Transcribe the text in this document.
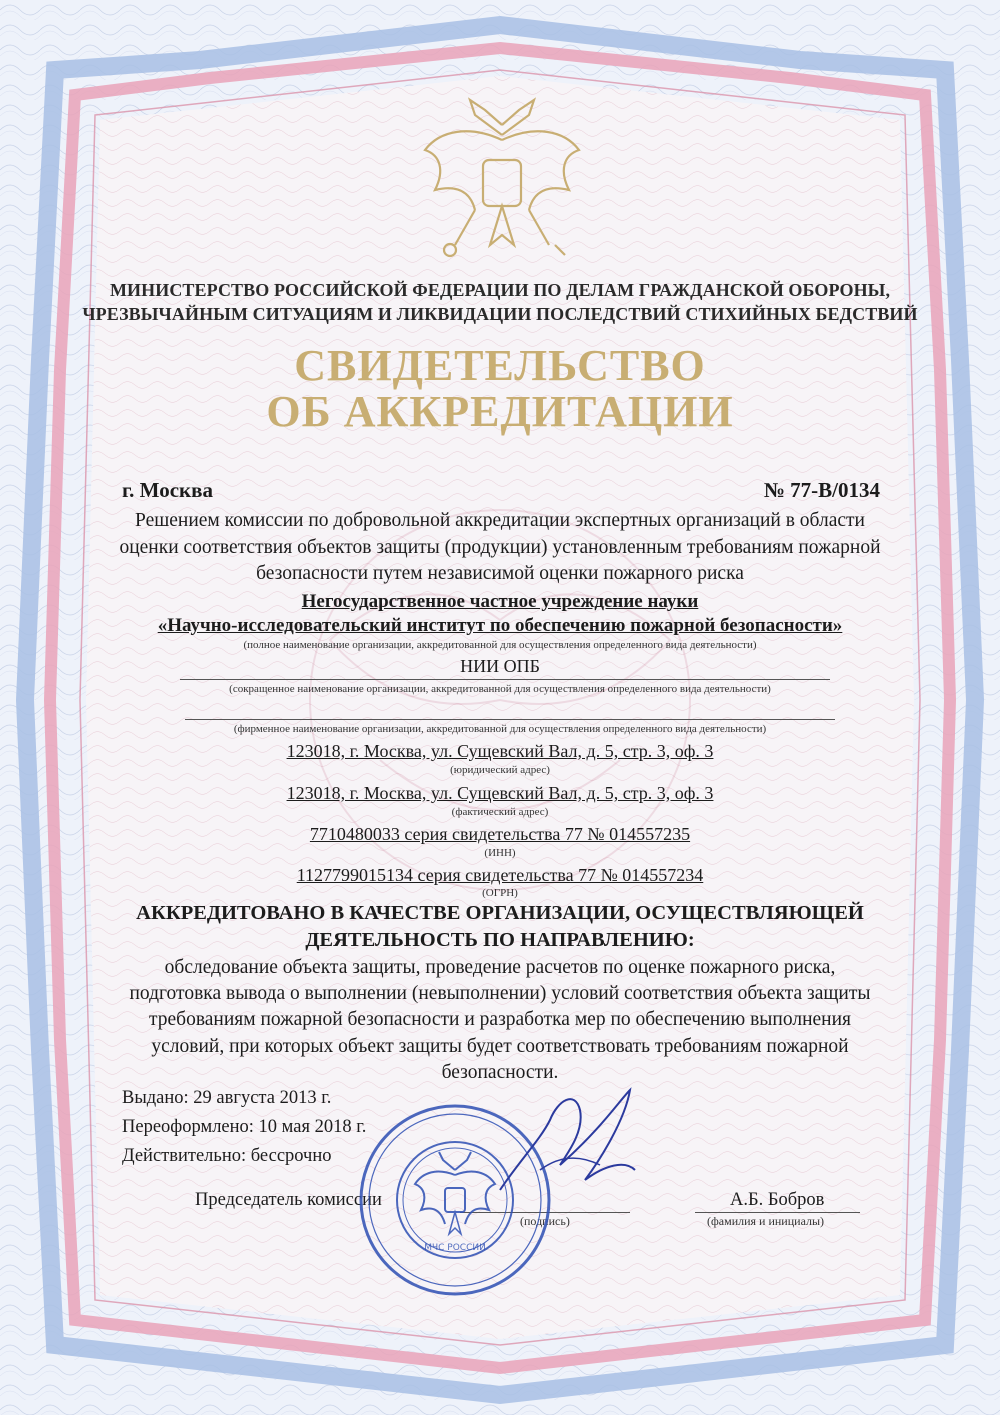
МИНИСТЕРСТВО РОССИЙСКОЙ ФЕДЕРАЦИИ ПО ДЕЛАМ ГРАЖДАНСКОЙ ОБОРОНЫ,
ЧРЕЗВЫЧАЙНЫМ СИТУАЦИЯМ И ЛИКВИДАЦИИ ПОСЛЕДСТВИЙ СТИХИЙНЫХ БЕДСТВИЙ
СВИДЕТЕЛЬСТВО
ОБ АККРЕДИТАЦИИ
г. Москва	№ 77-В/0134
Решением комиссии по добровольной аккредитации экспертных организаций в области
оценки соответствия объектов защиты (продукции) установленным требованиям пожарной
безопасности путем независимой оценки пожарного риска
Негосударственное частное учреждение науки
«Научно-исследовательский институт по обеспечению пожарной безопасности»
(полное наименование организации, аккредитованной для осуществления определенного вида деятельности)
НИИ ОПБ
(сокращенное наименование организации, аккредитованной для осуществления определенного вида деятельности)
(фирменное наименование организации, аккредитованной для осуществления определенного вида деятельности)
123018, г. Москва, ул. Сущевский Вал, д. 5, стр. 3, оф. 3
(юридический адрес)
123018, г. Москва, ул. Сущевский Вал, д. 5, стр. 3, оф. 3
(фактический адрес)
7710480033 серия свидетельства 77 № 014557235
(ИНН)
1127799015134 серия свидетельства 77 № 014557234
(ОГРН)
АККРЕДИТОВАНО В КАЧЕСТВЕ ОРГАНИЗАЦИИ, ОСУЩЕСТВЛЯЮЩЕЙ
ДЕЯТЕЛЬНОСТЬ ПО НАПРАВЛЕНИЮ:
обследование объекта защиты, проведение расчетов по оценке пожарного риска,
подготовка вывода о выполнении (невыполнении) условий соответствия объекта защиты
требованиям пожарной безопасности и разработка мер по обеспечению выполнения
условий, при которых объект защиты будет соответствовать требованиям пожарной
безопасности.
Выдано: 29 августа 2013 г.
Переоформлено: 10 мая 2018 г.
Действительно: бессрочно
Председатель комиссии
(подпись)
А.Б. Бобров
(фамилия и инициалы)
МЧС РОССИИ
